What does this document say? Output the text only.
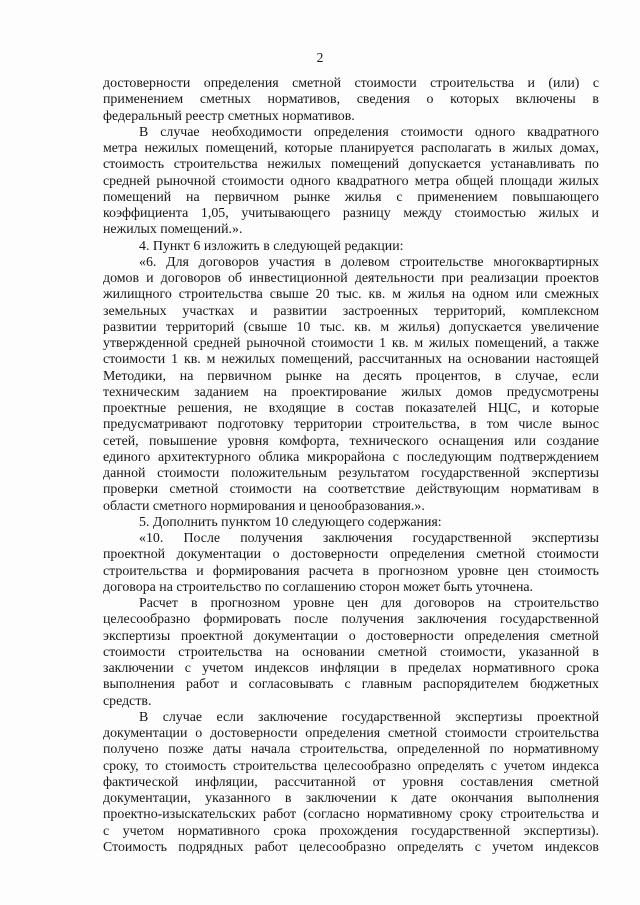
2
достоверности определения сметной стоимости строительства и (или) с
применением сметных нормативов, сведения о которых включены в
федеральный реестр сметных нормативов.
В случае необходимости определения стоимости одного квадратного
метра нежилых помещений, которые планируется располагать в жилых домах,
стоимость строительства нежилых помещений допускается устанавливать по
средней рыночной стоимости одного квадратного метра общей площади жилых
помещений на первичном рынке жилья с применением повышающего
коэффициента 1,05, учитывающего разницу между стоимостью жилых и
нежилых помещений.».
4. Пункт 6 изложить в следующей редакции:
«6. Для договоров участия в долевом строительстве многоквартирных
домов и договоров об инвестиционной деятельности при реализации проектов
жилищного строительства свыше 20 тыс. кв. м жилья на одном или смежных
земельных участках и развитии застроенных территорий, комплексном
развитии территорий (свыше 10 тыс. кв. м жилья) допускается увеличение
утвержденной средней рыночной стоимости 1 кв. м жилых помещений, а также
стоимости 1 кв. м нежилых помещений, рассчитанных на основании настоящей
Методики, на первичном рынке на десять процентов, в случае, если
техническим заданием на проектирование жилых домов предусмотрены
проектные решения, не входящие в состав показателей НЦС, и которые
предусматривают подготовку территории строительства, в том числе вынос
сетей, повышение уровня комфорта, технического оснащения или создание
единого архитектурного облика микрорайона с последующим подтверждением
данной стоимости положительным результатом государственной экспертизы
проверки сметной стоимости на соответствие действующим нормативам в
области сметного нормирования и ценообразования.».
5. Дополнить пунктом 10 следующего содержания:
«10. После получения заключения государственной экспертизы
проектной документации о достоверности определения сметной стоимости
строительства и формирования расчета в прогнозном уровне цен стоимость
договора на строительство по соглашению сторон может быть уточнена.
Расчет в прогнозном уровне цен для договоров на строительство
целесообразно формировать после получения заключения государственной
экспертизы проектной документации о достоверности определения сметной
стоимости строительства на основании сметной стоимости, указанной в
заключении с учетом индексов инфляции в пределах нормативного срока
выполнения работ и согласовывать с главным распорядителем бюджетных
средств.
В случае если заключение государственной экспертизы проектной
документации о достоверности определения сметной стоимости строительства
получено позже даты начала строительства, определенной по нормативному
сроку, то стоимость строительства целесообразно определять с учетом индекса
фактической инфляции, рассчитанной от уровня составления сметной
документации, указанного в заключении к дате окончания выполнения
проектно-изыскательских работ (согласно нормативному сроку строительства и
с учетом нормативного срока прохождения государственной экспертизы).
Стоимость подрядных работ целесообразно определять с учетом индексов
